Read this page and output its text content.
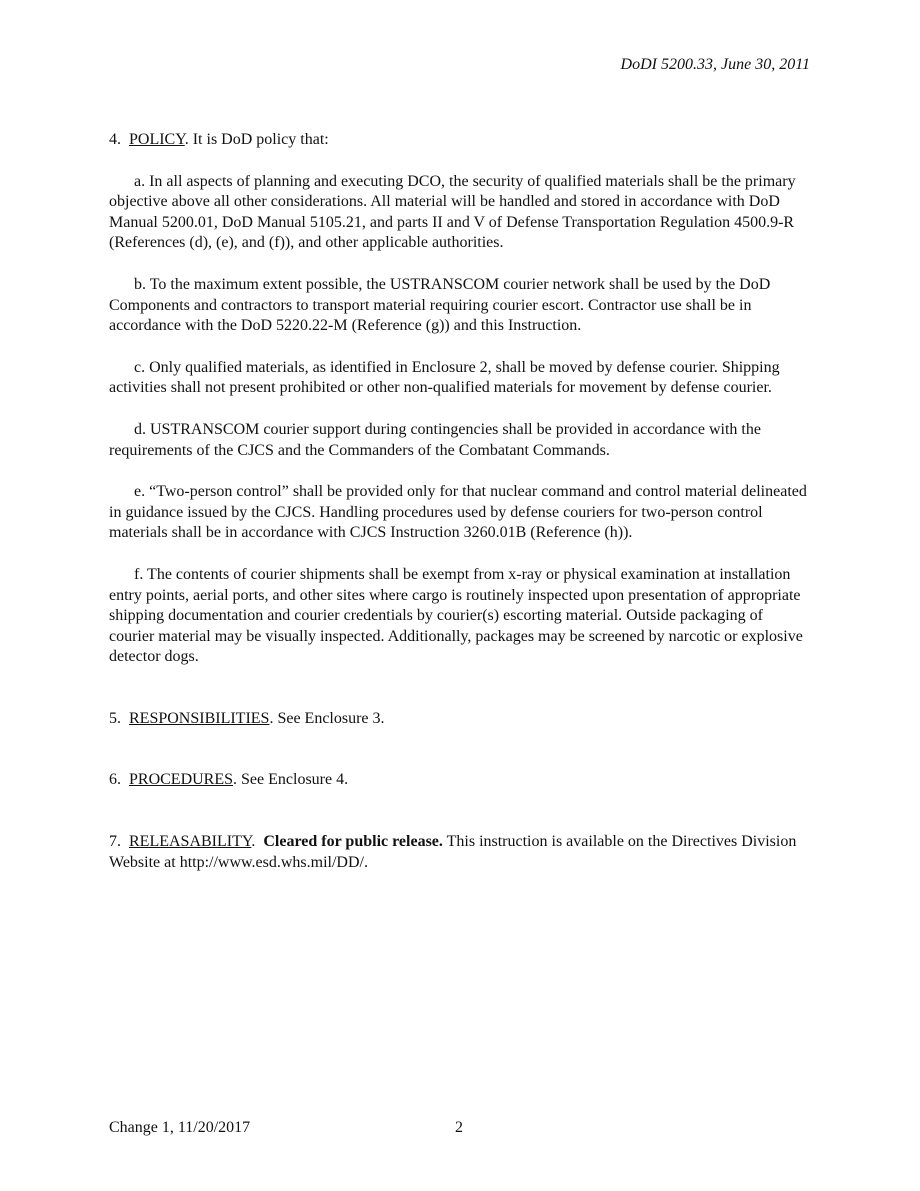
DoDI 5200.33, June 30, 2011

4. POLICY. It is DoD policy that:

a. In all aspects of planning and executing DCO, the security of qualified materials shall be the primary objective above all other considerations. All material will be handled and stored in accordance with DoD Manual 5200.01, DoD Manual 5105.21, and parts II and V of Defense Transportation Regulation 4500.9-R (References (d), (e), and (f)), and other applicable authorities.

b. To the maximum extent possible, the USTRANSCOM courier network shall be used by the DoD Components and contractors to transport material requiring courier escort. Contractor use shall be in accordance with the DoD 5220.22-M (Reference (g)) and this Instruction.

c. Only qualified materials, as identified in Enclosure 2, shall be moved by defense courier. Shipping activities shall not present prohibited or other non-qualified materials for movement by defense courier.

d. USTRANSCOM courier support during contingencies shall be provided in accordance with the requirements of the CJCS and the Commanders of the Combatant Commands.

e. “Two-person control” shall be provided only for that nuclear command and control material delineated in guidance issued by the CJCS. Handling procedures used by defense couriers for two-person control materials shall be in accordance with CJCS Instruction 3260.01B (Reference (h)).

f. The contents of courier shipments shall be exempt from x-ray or physical examination at installation entry points, aerial ports, and other sites where cargo is routinely inspected upon presentation of appropriate shipping documentation and courier credentials by courier(s) escorting material. Outside packaging of courier material may be visually inspected. Additionally, packages may be screened by narcotic or explosive detector dogs.

5. RESPONSIBILITIES. See Enclosure 3.

6. PROCEDURES. See Enclosure 4.

7. RELEASABILITY.  Cleared for public release. This instruction is available on the Directives Division Website at http://www.esd.whs.mil/DD/.

Change 1, 11/20/2017	2
